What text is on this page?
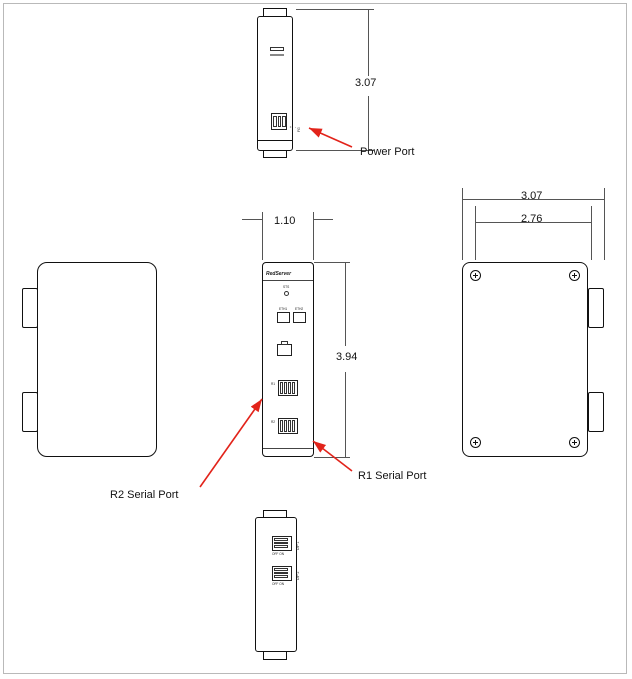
+ - FG
3.07
RedServer
STS
ETH1 ETH2
R1
R2
1.10
3.94
3.07
2.76
OFF ON
DIP 1
OFF ON
DIP 2
Power Port
R1 Serial Port
R2 Serial Port
